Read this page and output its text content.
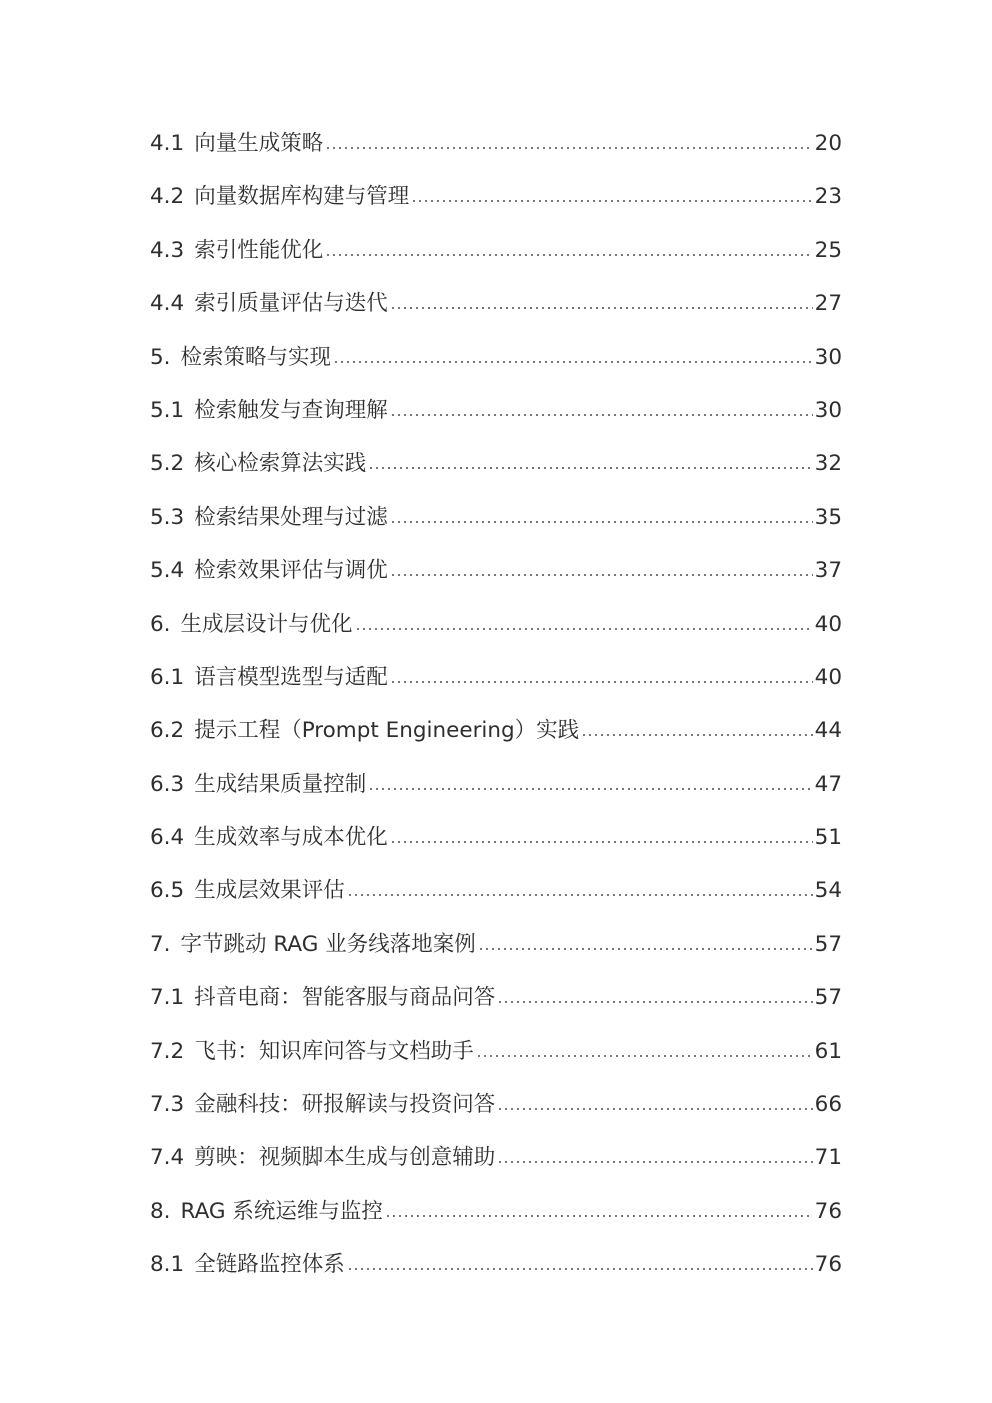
4.1 向量生成策略	20
4.2 向量数据库构建与管理	23
4.3 索引性能优化	25
4.4 索引质量评估与迭代	27
5. 检索策略与实现	30
5.1 检索触发与查询理解	30
5.2 核心检索算法实践	32
5.3 检索结果处理与过滤	35
5.4 检索效果评估与调优	37
6. 生成层设计与优化	40
6.1 语言模型选型与适配	40
6.2 提示工程（Prompt Engineering）实践	44
6.3 生成结果质量控制	47
6.4 生成效率与成本优化	51
6.5 生成层效果评估	54
7. 字节跳动 RAG 业务线落地案例	57
7.1 抖音电商：智能客服与商品问答	57
7.2 飞书：知识库问答与文档助手	61
7.3 金融科技：研报解读与投资问答	66
7.4 剪映：视频脚本生成与创意辅助	71
8. RAG 系统运维与监控	76
8.1 全链路监控体系	76
